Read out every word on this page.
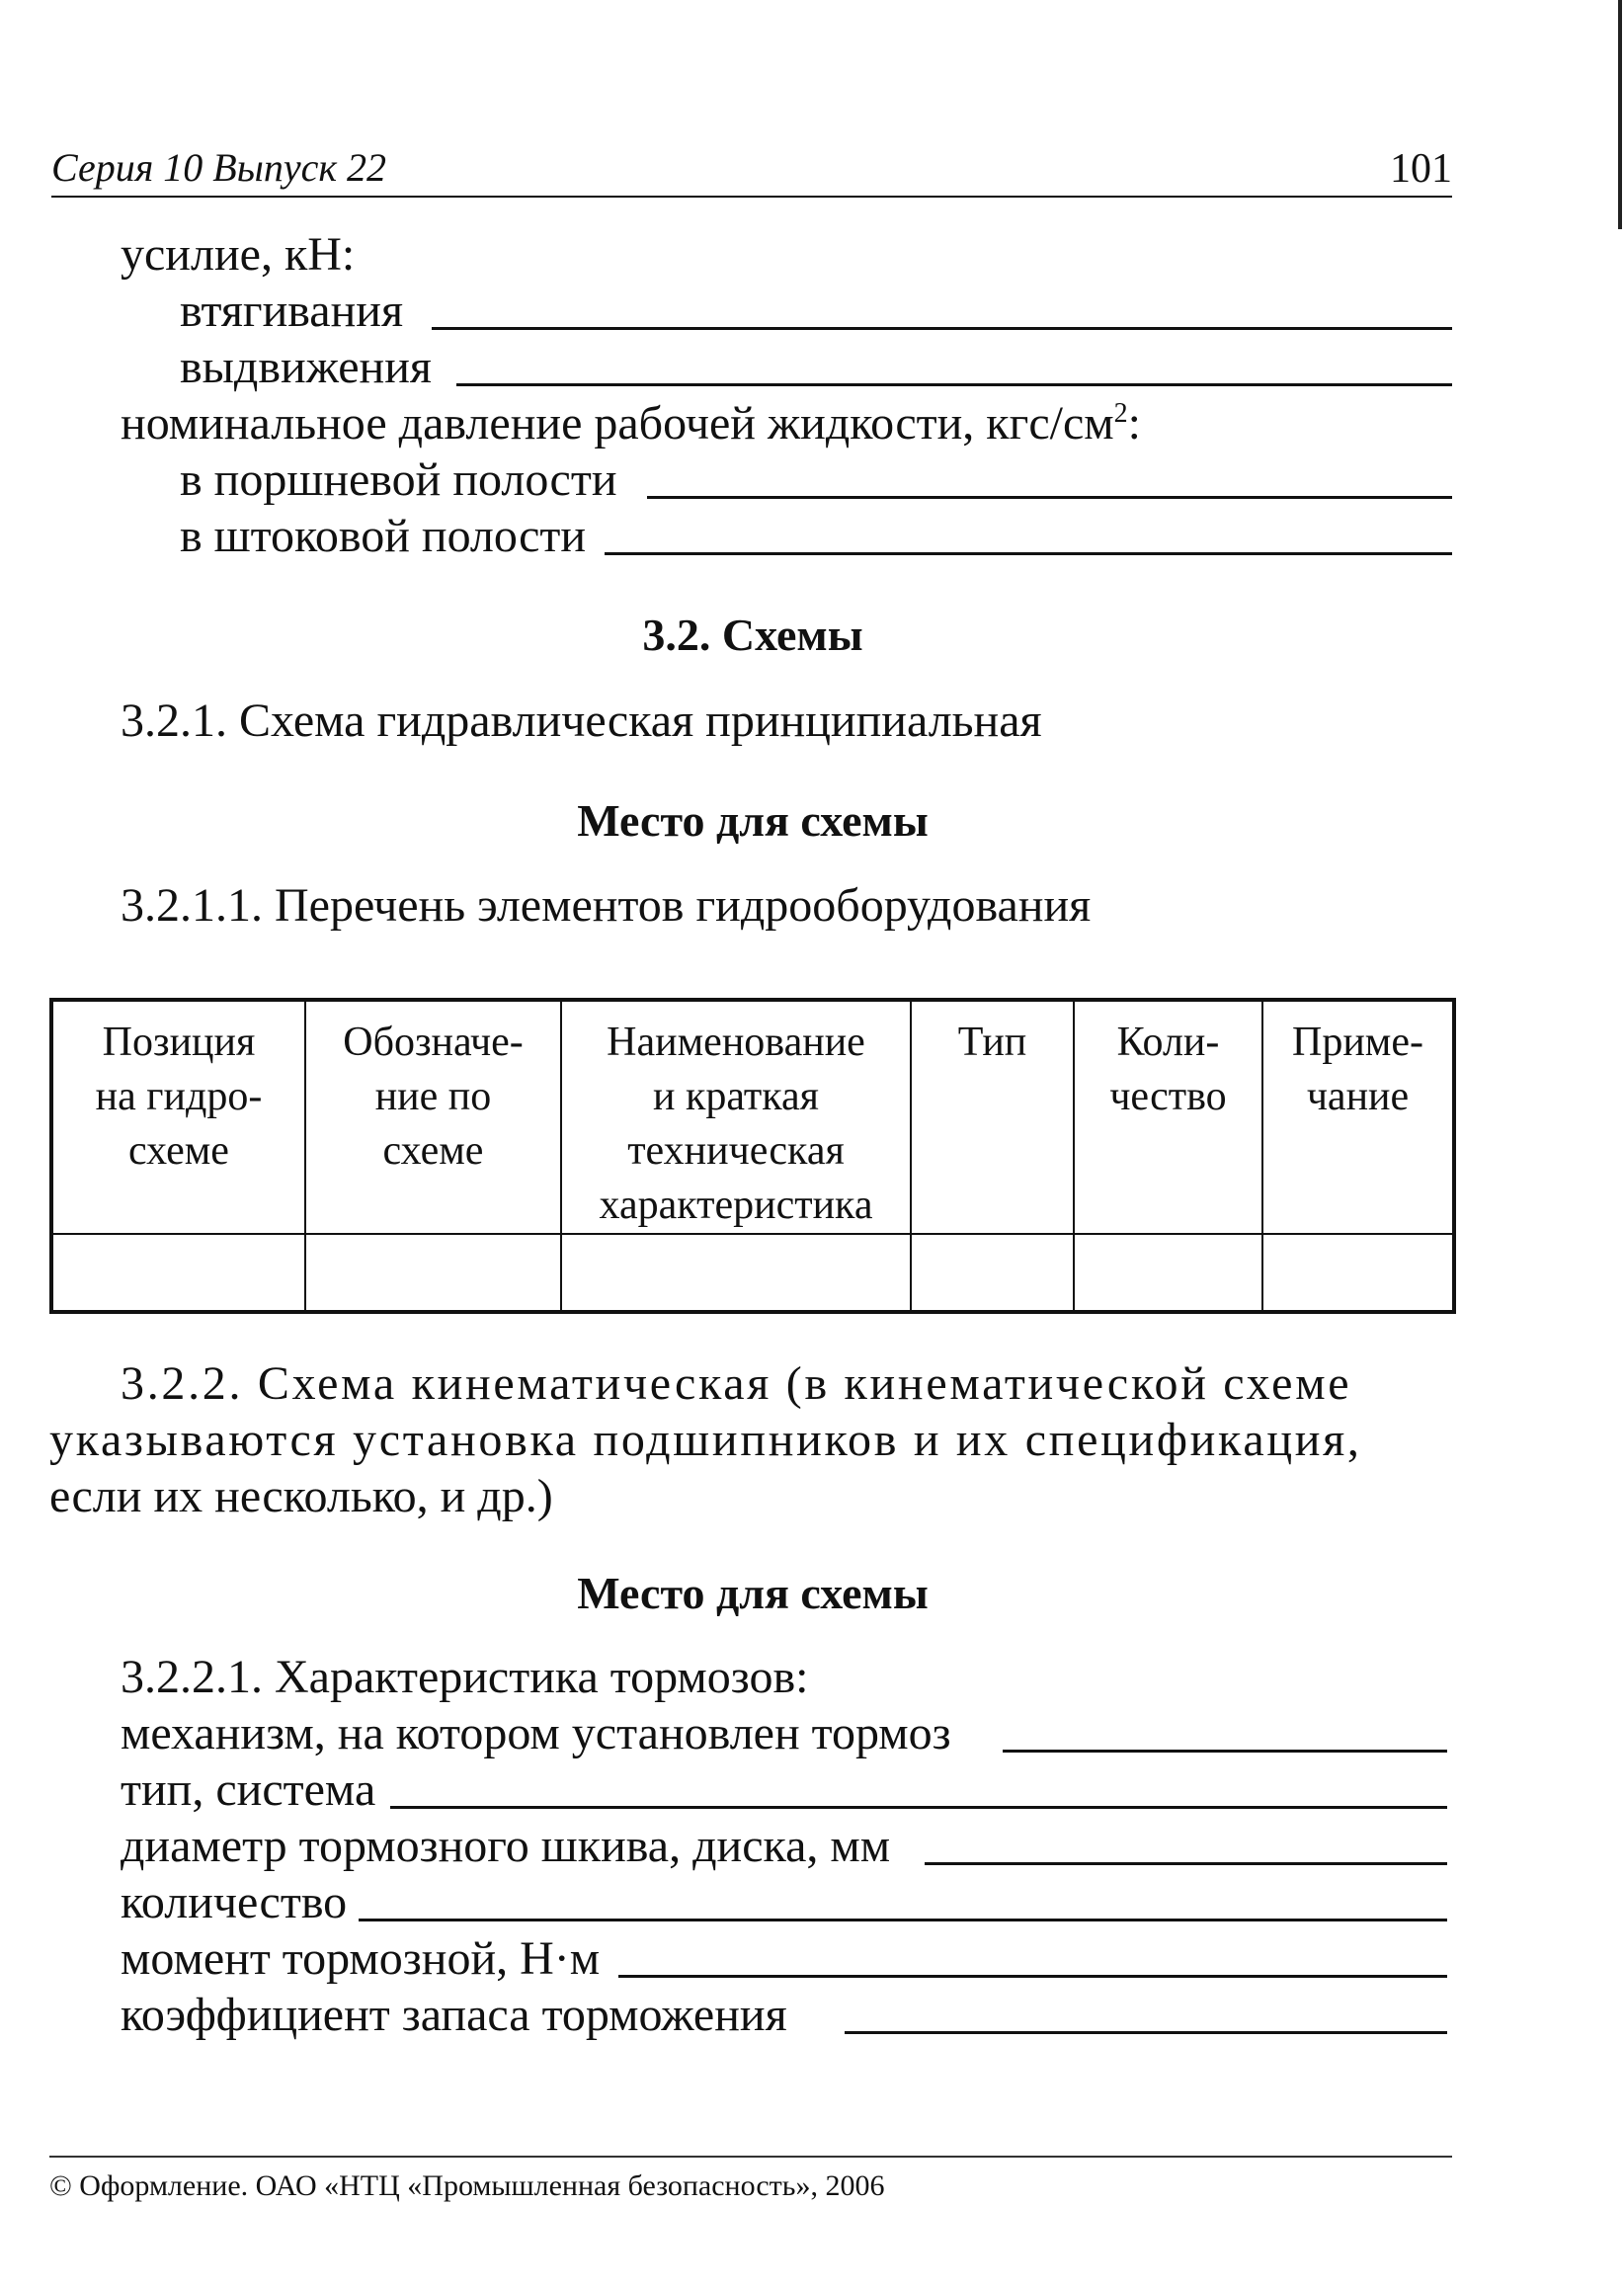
Серия 10 Выпуск 22	101
усилие, кН:
втягивания
выдвижения
номинальное давление рабочей жидкости, кгс/$см^2$:
в поршневой полости
в штоковой полости
3.2. Схемы
3.2.1. Схема гидравлическая принципиальная
Место для схемы
3.2.1.1. Перечень элементов гидрооборудования
Позиция
на гидро-
схеме	Обозначе-
ние по
схеме	Наименование
и краткая
техническая
характеристика	Тип	Коли-
чество	Приме-
чание

3.2.2. Схема кинематическая (в кинематической схеме
указываются установка подшипников и их спецификация,
если их несколько, и др.)
Место для схемы
3.2.2.1. Характеристика тормозов:
механизм, на котором установлен тормоз
тип, система
диаметр тормозного шкива, диска, мм
количество
момент тормозной, Н·м
коэффициент запаса торможения
© Оформление. ОАО «НТЦ «Промышленная безопасность», 2006
